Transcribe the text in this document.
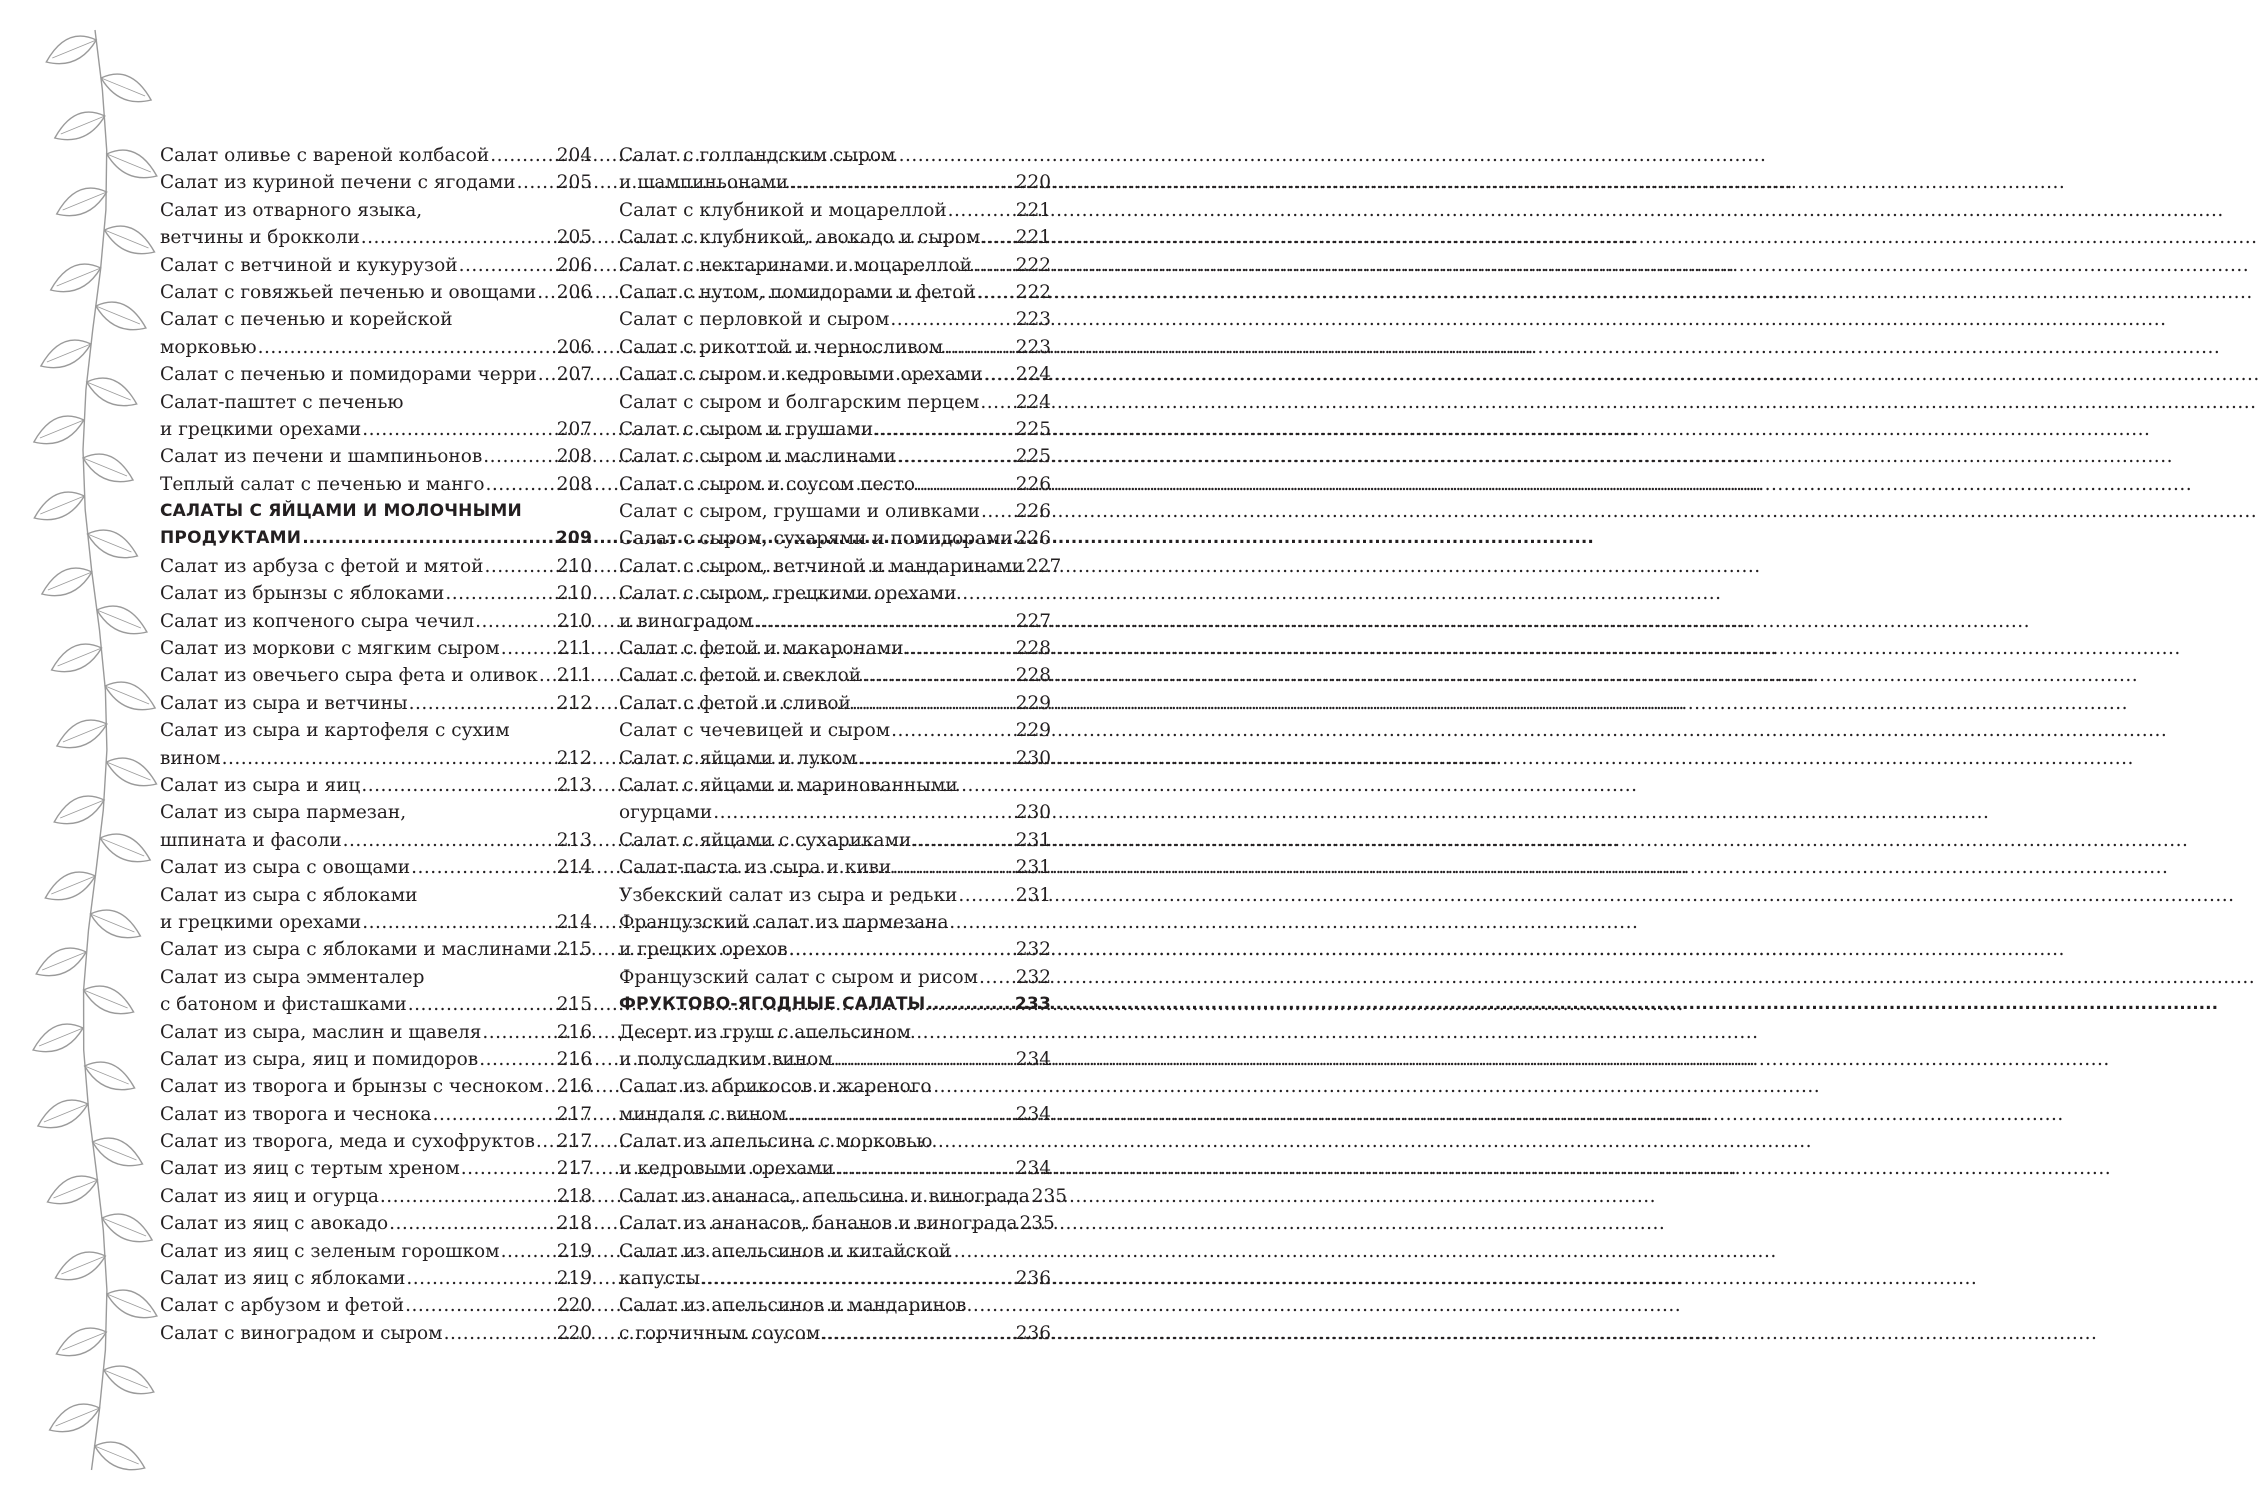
Салат оливье с вареной колбасой .....	204
Салат из куриной печени с ягодами ..... 205
Салат из отварного языка,
ветчины и брокколи .....	205
Салат с ветчиной и кукурузой .....	206
Салат с говяжьей печенью и овощами ..... 206
Салат с печенью и корейской
морковью .....	206
Салат с печенью и помидорами черри ..... 207
Салат-паштет с печенью
и грецкими орехами .....	207
Салат из печени и шампиньонов .....	208
Теплый салат с печенью и манго .....	208
САЛАТЫ С ЯЙЦАМИ И МОЛОЧНЫМИ
ПРОДУКТАМИ .....	209
Салат из арбуза с фетой и мятой .....	210
Салат из брынзы с яблоками .....	210
Салат из копченого сыра чечил .....	210
Салат из моркови с мягким сыром .....	211
Салат из овечьего сыра фета и оливок ..... 211
Салат из сыра и ветчины .....	212
Салат из сыра и картофеля с сухим
вином .....	212
Салат из сыра и яиц .....	213
Салат из сыра пармезан,
шпината и фасоли .....	213
Салат из сыра с овощами .....	214
Салат из сыра с яблоками
и грецкими орехами .....	214
Салат из сыра с яблоками и маслинами ..... 215
Салат из сыра эмменталер
с батоном и фисташками .....	215
Салат из сыра, маслин и щавеля .....	216
Салат из сыра, яиц и помидоров .....	216
Салат из творога и брынзы с чесноком ..... 216
Салат из творога и чеснока .....	217
Салат из творога, меда и сухофруктов ..... 217
Салат из яиц с тертым хреном .....	217
Салат из яиц и огурца .....	218
Салат из яиц с авокадо .....	218
Салат из яиц с зеленым горошком .....	219
Салат из яиц с яблоками .....	219
Салат с арбузом и фетой .....	220
Салат с виноградом и сыром .....	220
Салат с голландским сыром
и шампиньонами .....	220
Салат с клубникой и моцареллой .....	221
Салат с клубникой, авокадо и сыром ..... 221
Салат с нектаринами и моцареллой ..... 222
Салат с нутом, помидорами и фетой ..... 222
Салат с перловкой и сыром .....	223
Салат с рикоттой и черносливом .....	223
Салат с сыром и кедровыми орехами ..... 224
Салат с сыром и болгарским перцем ..... 224
Салат с сыром и грушами .....	225
Салат с сыром и маслинами .....	225
Салат с сыром и соусом песто .....	226
Салат с сыром, грушами и оливками ..... 226
Салат с сыром, сухарями и помидорами ..... 226
Салат с сыром, ветчиной и мандаринами 227
Салат с сыром, грецкими орехами
и виноградом .....	227
Салат с фетой и макаронами .....	228
Салат с фетой и свеклой .....	228
Салат с фетой и сливой .....	229
Салат с чечевицей и сыром .....	229
Салат с яйцами и луком .....	230
Салат с яйцами и маринованными
огурцами .....	230
Салат с яйцами с сухариками .....	231
Салат-паста из сыра и киви .....	231
Узбекский салат из сыра и редьки .....	231
Французский салат из пармезана
и грецких орехов .....	232
Французский салат с сыром и рисом ..... 232
ФРУКТОВО-ЯГОДНЫЕ САЛАТЫ .....	233
Десерт из груш с апельсином
и полусладким вином .....	234
Салат из абрикосов и жареного
миндаля с вином .....	234
Салат из апельсина с морковью
и кедровыми орехами .....	234
Салат из ананаса, апельсина и винограда 235
Салат из ананасов, бананов и винограда 235
Салат из апельсинов и китайской
капусты .....	236
Салат из апельсинов и мандаринов
с горчичным соусом .....	236
